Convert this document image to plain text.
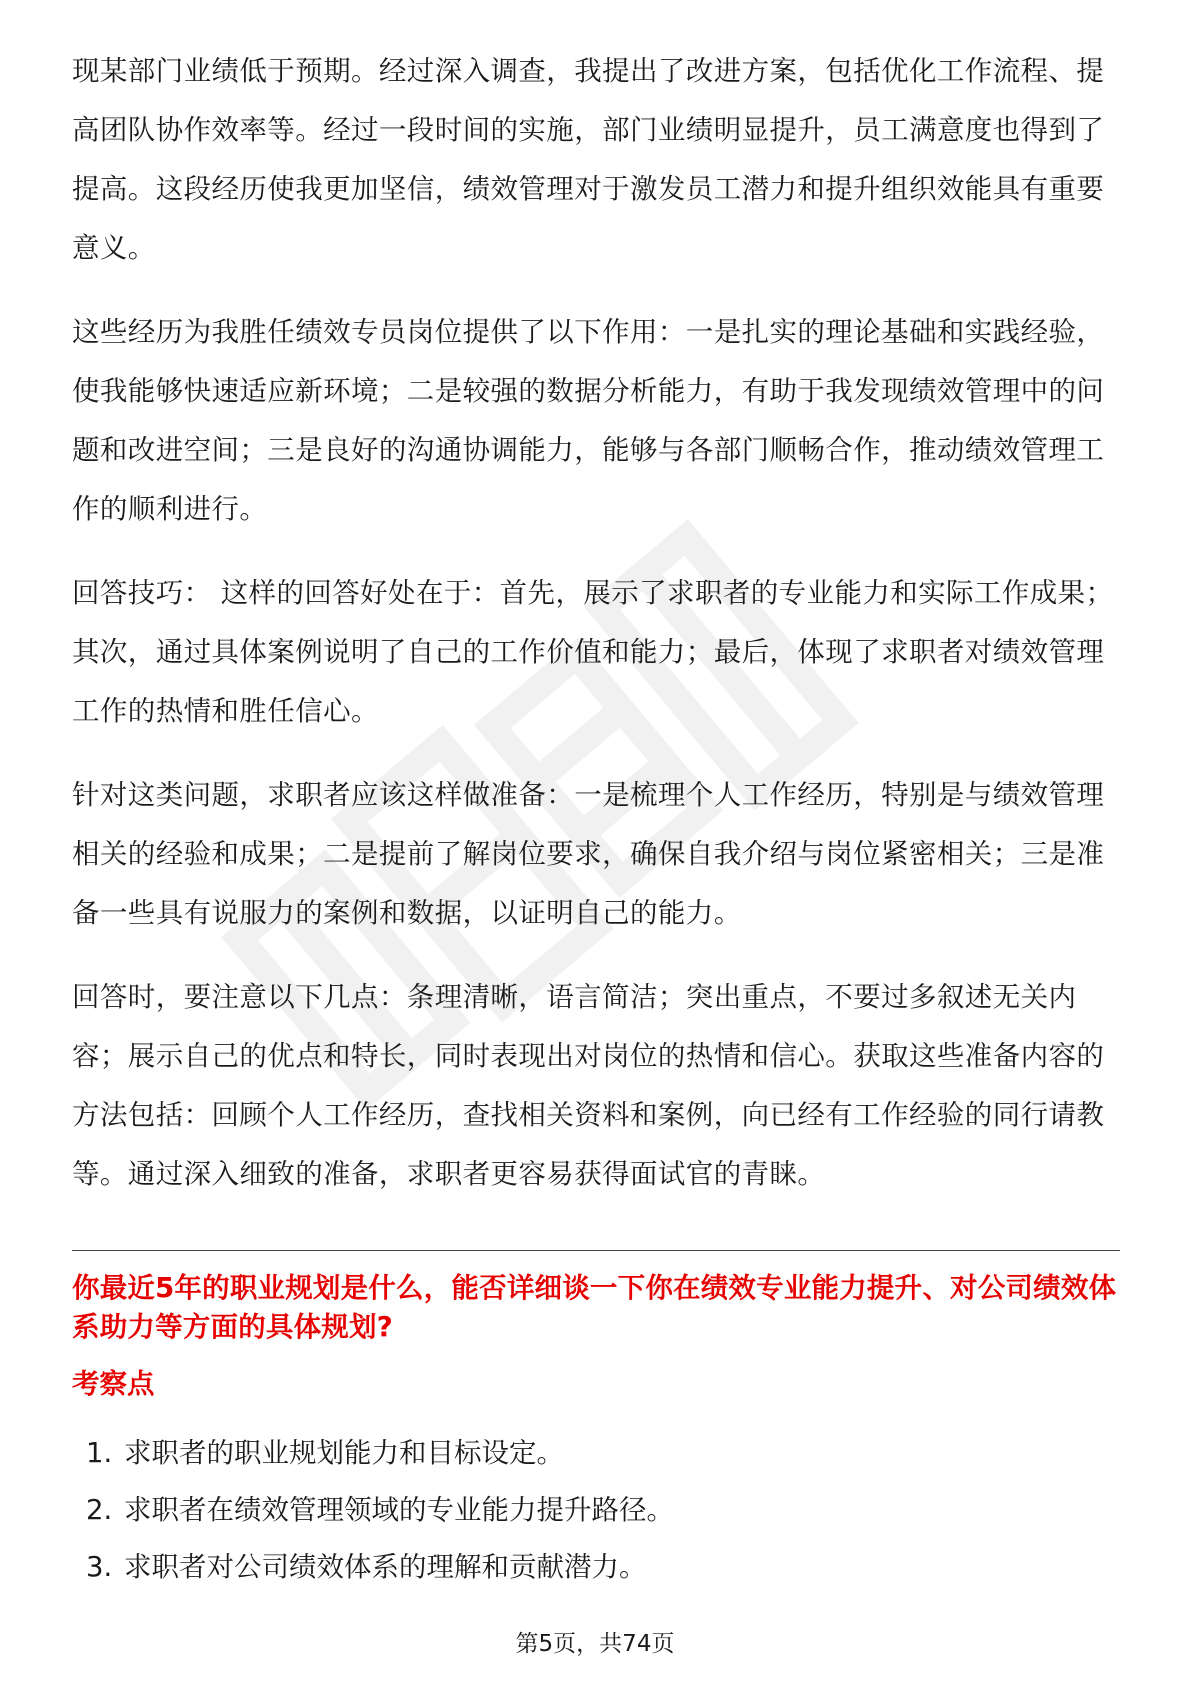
现某部门业绩低于预期。经过深入调查，我提出了改进方案，包括优化工作流程、提高团队协作效率等。经过一段时间的实施，部门业绩明显提升，员工满意度也得到了提高。这段经历使我更加坚信，绩效管理对于激发员工潜力和提升组织效能具有重要意义。

这些经历为我胜任绩效专员岗位提供了以下作用：一是扎实的理论基础和实践经验，使我能够快速适应新环境；二是较强的数据分析能力，有助于我发现绩效管理中的问题和改进空间；三是良好的沟通协调能力，能够与各部门顺畅合作，推动绩效管理工作的顺利进行。

回答技巧： 这样的回答好处在于：首先，展示了求职者的专业能力和实际工作成果；其次，通过具体案例说明了自己的工作价值和能力；最后，体现了求职者对绩效管理工作的热情和胜任信心。

针对这类问题，求职者应该这样做准备：一是梳理个人工作经历，特别是与绩效管理相关的经验和成果；二是提前了解岗位要求，确保自我介绍与岗位紧密相关；三是准备一些具有说服力的案例和数据，以证明自己的能力。

回答时，要注意以下几点：条理清晰，语言简洁；突出重点，不要过多叙述无关内容；展示自己的优点和特长，同时表现出对岗位的热情和信心。获取这些准备内容的方法包括：回顾个人工作经历，查找相关资料和案例，向已经有工作经验的同行请教等。通过深入细致的准备，求职者更容易获得面试官的青睐。

你最近5年的职业规划是什么，能否详细谈一下你在绩效专业能力提升、对公司绩效体系助力等方面的具体规划?

考察点
1. 求职者的职业规划能力和目标设定。
2. 求职者在绩效管理领域的专业能力提升路径。
3. 求职者对公司绩效体系的理解和贡献潜力。
第5页，共74页
